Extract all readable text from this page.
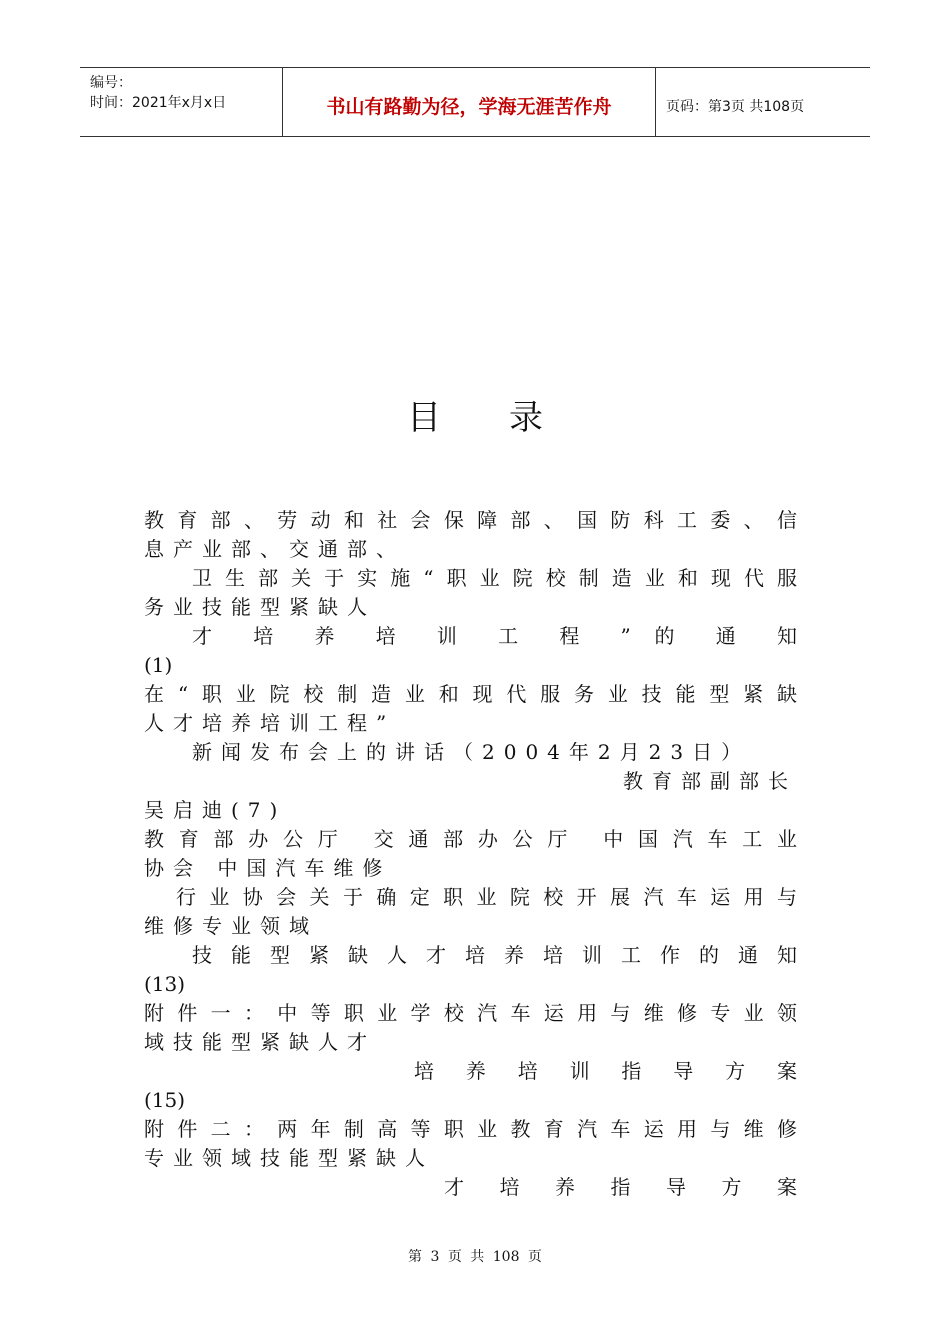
编号：
时间：2021年x月x日	书山有路勤为径，学海无涯苦作舟	页码：第3页 共108页
目录
教育部、劳动和社会保障部、国防科工委、信
息产业部、交通部、
卫生部关于实施“职业院校制造业和现代服
务业技能型紧缺人
才 培 养 培 训 工 程 ” 的 通 知
(1)
在“职业院校制造业和现代服务业技能型紧缺
人才培养培训工程”
新闻发布会上的讲话（2004年2月23日）
教育部副部长
吴启迪(7)
教育部办公厅 交通部办公厅 中国汽车工业
协会 中国汽车维修
行业协会关于确定职业院校开展汽车运用与
维修专业领域
技能型紧缺人才培养培训工作的通知
(13)
附件一：中等职业学校汽车运用与维修专业领
域技能型紧缺人才
培 养 培 训 指 导 方 案
(15)
附件二：两年制高等职业教育汽车运用与维修
专业领域技能型紧缺人
才 培 养 指 导 方 案
第 3 页 共 108 页
